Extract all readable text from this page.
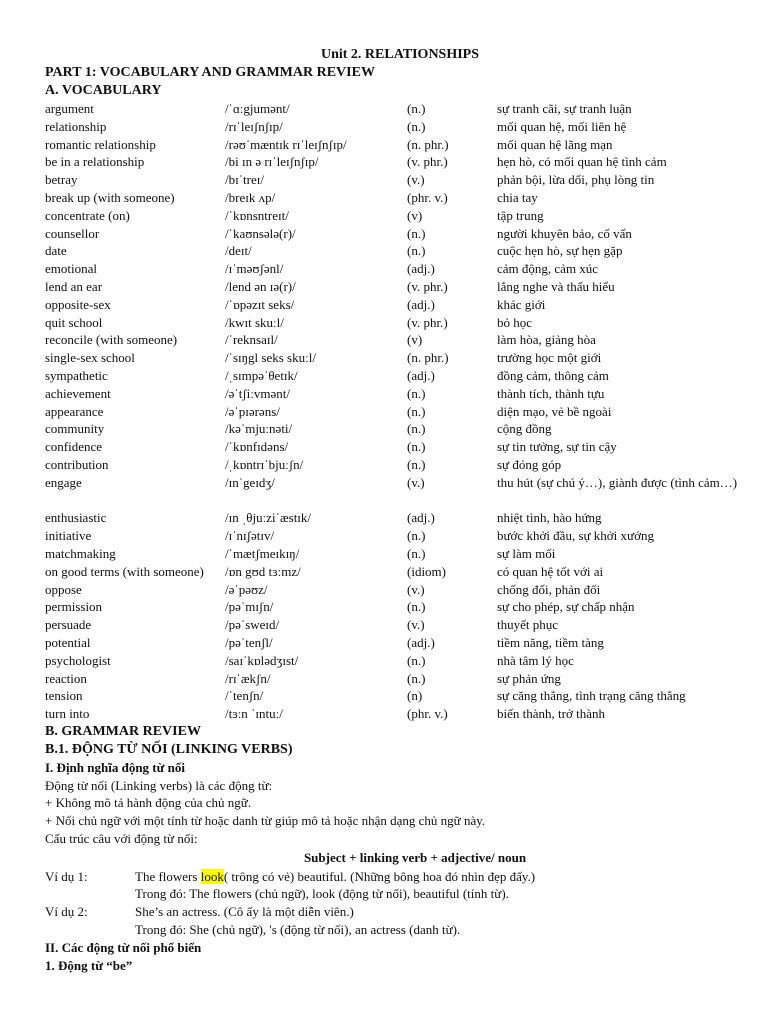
Unit 2. RELATIONSHIPS
PART 1: VOCABULARY AND GRAMMAR REVIEW
A. VOCABULARY
argument	/ˈɑːgjumənt/	(n.)	sự tranh cãi, sự tranh luận
relationship	/rɪˈleɪʃnʃɪp/	(n.)	mối quan hệ, mối liên hệ
romantic relationship	/rəʊˈmæntɪk rɪˈleɪʃnʃɪp/	(n. phr.)	mối quan hệ lãng mạn
be in a relationship	/bi ɪn ə rɪˈleɪʃnʃɪp/	(v. phr.)	hẹn hò, có mối quan hệ tình cảm
betray	/bɪˈtreɪ/	(v.)	phản bội, lừa dối, phụ lòng tin
break up (with someone)	/breɪk ʌp/	(phr. v.)	chia tay
concentrate (on)	/ˈkɒnsntreɪt/	(v)	tập trung
counsellor	/ˈkaʊnsələ(r)/	(n.)	người khuyên bảo, cố vấn
date	/deɪt/	(n.)	cuộc hẹn hò, sự hẹn gặp
emotional	/ɪˈməʊʃənl/	(adj.)	cảm động, cảm xúc
lend an ear	/lend ən ɪə(r)/	(v. phr.)	lắng nghe và thấu hiểu
opposite-sex	/ˈɒpəzɪt seks/	(adj.)	khác giới
quit school	/kwɪt skuːl/	(v. phr.)	bỏ học
reconcile (with someone)	/ˈreknsaɪl/	(v)	làm hòa, giảng hòa
single-sex school	/ˈsɪŋgl seks skuːl/	(n. phr.)	trường học một giới
sympathetic	/ˌsɪmpəˈθetɪk/	(adj.)	đồng cảm, thông cảm
achievement	/əˈtʃiːvmənt/	(n.)	thành tích, thành tựu
appearance	/əˈpɪərəns/	(n.)	diện mạo, vẻ bề ngoài
community	/kəˈmjuːnəti/	(n.)	cộng đồng
confidence	/ˈkɒnfɪdəns/	(n.)	sự tin tưởng, sự tin cậy
contribution	/ˌkɒntrɪˈbjuːʃn/	(n.)	sự đóng góp
engage	/ɪnˈgeɪdʒ/	(v.)	thu hút (sự chú ý…), giành được (tình cảm…)
enthusiastic	/ɪn ˌθjuːziˈæstɪk/	(adj.)	nhiệt tình, hào hứng
initiative	/ɪˈnɪʃətɪv/	(n.)	bước khởi đầu, sự khởi xướng
matchmaking	/ˈmætʃmeɪkɪŋ/	(n.)	sự làm mối
on good terms (with someone) /ɒn gʊd tɜːmz/	(idiom)	có quan hệ tốt với ai
oppose	/əˈpəʊz/	(v.)	chống đối, phản đối
permission	/pəˈmɪʃn/	(n.)	sự cho phép, sự chấp nhận
persuade	/pəˈsweɪd/	(v.)	thuyết phục
potential	/pəˈtenʃl/	(adj.)	tiềm năng, tiềm tàng
psychologist	/saɪˈkɒlədʒɪst/	(n.)	nhà tâm lý học
reaction	/rɪˈækʃn/	(n.)	sự phản ứng
tension	/ˈtenʃn/	(n)	sự căng thẳng, tình trạng căng thẳng
turn into	/tɜːn ˈɪntuː/	(phr. v.)	biến thành, trở thành
B. GRAMMAR REVIEW
B.1. ĐỘNG TỪ NỐI (LINKING VERBS)
I. Định nghĩa động từ nối
Động từ nối (Linking verbs) là các động từ:
+ Không mô tả hành động của chủ ngữ.
+ Nối chủ ngữ với một tính từ hoặc danh từ giúp mô tả hoặc nhận dạng chủ ngữ này.
Cấu trúc câu với động từ nối:
Subject + linking verb + adjective/ noun
Ví dụ 1:	The flowers look( trông có vẻ) beautiful. (Những bông hoa đó nhìn đẹp đấy.)
Trong đó: The flowers (chủ ngữ), look (động từ nối), beautiful (tính từ).
Ví dụ 2:	She’s an actress. (Cô ấy là một diễn viên.)
Trong đó: She (chủ ngữ), 's (động từ nối), an actress (danh từ).
II. Các động từ nối phổ biến
1. Động từ “be”
